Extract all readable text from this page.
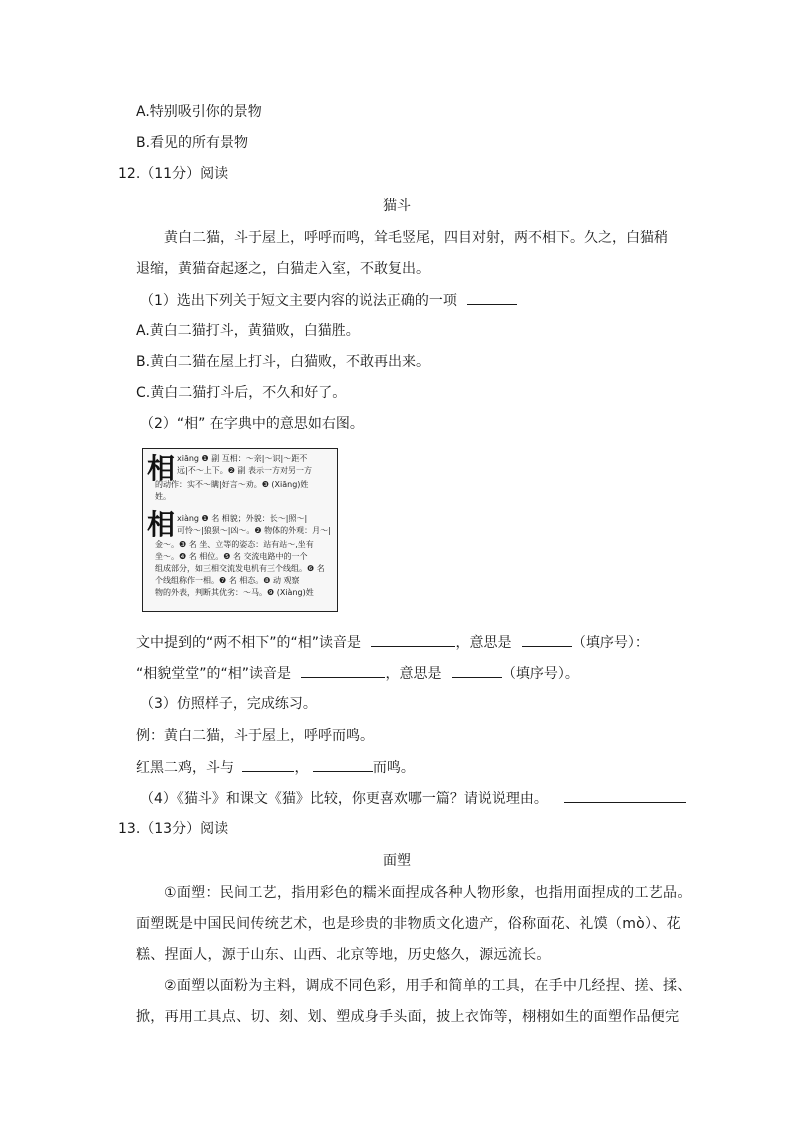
A.特别吸引你的景物
B.看见的所有景物
12.（11分）阅读
猫斗
黄白二猫，斗于屋上，呼呼而鸣，耸毛竖尾，四目对射，两不相下。久之，白猫稍
退缩，黄猫奋起逐之，白猫走入室，不敢复出。
（1）选出下列关于短文主要内容的说法正确的一项
A.黄白二猫打斗，黄猫败，白猫胜。
B.黄白二猫在屋上打斗，白猫败，不敢再出来。
C.黄白二猫打斗后，不久和好了。
（2）“相” 在字典中的意思如右图。
相 xiāng ❶ 副 互相：～亲|～识|～距不
远|不～上下。❷ 副 表示一方对另一方
的动作：实不～瞒|好言～劝。❸ (Xiāng)姓
姓。
相 xiàng ❶ 名 相貌；外貌：长～|照～|
可怜～|狼狈～|凶～。❷ 物体的外观：月～|
金～。❸ 名 坐、立等的姿态：站有站～,坐有
坐～。❹ 名 相位。❺ 名 交流电路中的一个
组成部分，如三相交流发电机有三个线组。❻ 名
个线组称作一相。❼ 名 相态。❽ 动 观察
物的外表，判断其优劣：～马。❾ (Xiàng)姓
文中提到的“两不相下”的“相”读音是	，意思是	（填序号）：
“相貌堂堂”的“相”读音是	，意思是	（填序号）。
（3）仿照样子，完成练习。
例：黄白二猫，斗于屋上，呼呼而鸣。
红黑二鸡，斗与	，	而鸣。
（4）《猫斗》和课文《猫》比较，你更喜欢哪一篇？请说说理由。
13.（13分）阅读
面塑
①面塑：民间工艺，指用彩色的糯米面捏成各种人物形象，也指用面捏成的工艺品。
面塑既是中国民间传统艺术，也是珍贵的非物质文化遗产，俗称面花、礼馍（mò）、花
糕、捏面人，源于山东、山西、北京等地，历史悠久，源远流长。
②面塑以面粉为主料，调成不同色彩，用手和简单的工具，在手中几经捏、搓、揉、
掀，再用工具点、切、刻、划、塑成身手头面，披上衣饰等，栩栩如生的面塑作品便完
